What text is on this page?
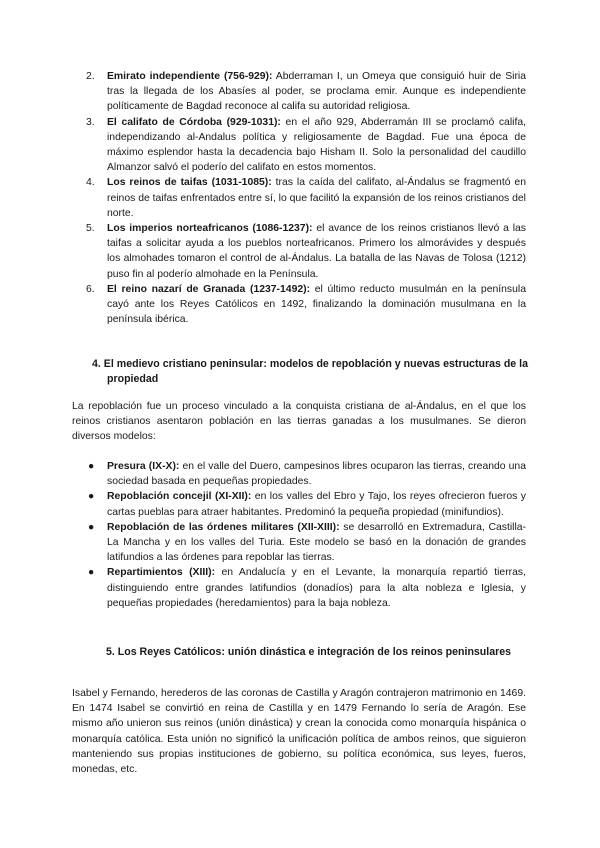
2. Emirato independiente (756-929): Abderraman I, un Omeya que consiguió huir de Siria tras la llegada de los Abasíes al poder, se proclama emir. Aunque es independiente políticamente de Bagdad reconoce al califa su autoridad religiosa.
3. El califato de Córdoba (929-1031): en el año 929, Abderramán III se proclamó califa, independizando al-Andalus política y religiosamente de Bagdad. Fue una época de máximo esplendor hasta la decadencia bajo Hisham II. Solo la personalidad del caudillo Almanzor salvó el poderío del califato en estos momentos.
4. Los reinos de taifas (1031-1085): tras la caída del califato, al-Ándalus se fragmentó en reinos de taifas enfrentados entre sí, lo que facilitó la expansión de los reinos cristianos del norte.
5. Los imperios norteafricanos (1086-1237): el avance de los reinos cristianos llevó a las taifas a solicitar ayuda a los pueblos norteafricanos. Primero los almorávides y después los almohades tomaron el control de al-Ándalus. La batalla de las Navas de Tolosa (1212) puso fin al poderío almohade en la Península.
6. El reino nazarí de Granada (1237-1492): el último reducto musulmán en la península cayó ante los Reyes Católicos en 1492, finalizando la dominación musulmana en la península ibérica.
4. El medievo cristiano peninsular: modelos de repoblación y nuevas estructuras de la propiedad
La repoblación fue un proceso vinculado a la conquista cristiana de al-Ándalus, en el que los reinos cristianos asentaron población en las tierras ganadas a los musulmanes. Se dieron diversos modelos:
● Presura (IX-X): en el valle del Duero, campesinos libres ocuparon las tierras, creando una sociedad basada en pequeñas propiedades.
● Repoblación concejil (XI-XII): en los valles del Ebro y Tajo, los reyes ofrecieron fueros y cartas pueblas para atraer habitantes. Predominó la pequeña propiedad (minifundios).
● Repoblación de las órdenes militares (XII-XIII): se desarrolló en Extremadura, Castilla-La Mancha y en los valles del Turia. Este modelo se basó en la donación de grandes latifundios a las órdenes para repoblar las tierras.
● Repartimientos (XIII): en Andalucía y en el Levante, la monarquía repartió tierras, distinguiendo entre grandes latifundios (donadíos) para la alta nobleza e Iglesia, y pequeñas propiedades (heredamientos) para la baja nobleza.
5. Los Reyes Católicos: unión dinástica e integración de los reinos peninsulares
Isabel y Fernando, herederos de las coronas de Castilla y Aragón contrajeron matrimonio en 1469. En 1474 Isabel se convirtió en reina de Castilla y en 1479 Fernando lo sería de Aragón. Ese mismo año unieron sus reinos (unión dinástica) y crean la conocida como monarquía hispánica o monarquía católica. Esta unión no significó la unificación política de ambos reinos, que siguieron manteniendo sus propias instituciones de gobierno, su política económica, sus leyes, fueros, monedas, etc.
